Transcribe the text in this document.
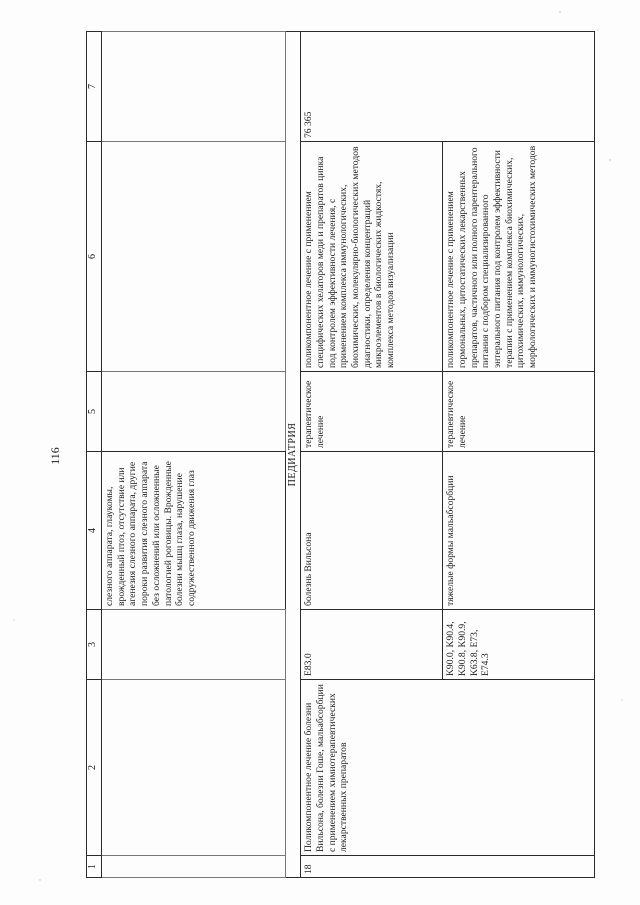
116
1	2	3	4	5	6	7
			слезного аппарата, глаукомы, врожденный птоз, отсутствие или агенезия слезного аппарата, другие пороки развития слезного аппарата без осложнений или осложненные патологией роговицы. Врожденные болезни мышц глаза, нарушение содружественного движения глаз			
ПЕДИАТРИЯ						
18	Поликомпонентное лечение болезни Вильсона, болезни Гоше, мальабсорбции с применением химиотерапевтических лекарственных препаратов	E83.0	болезнь Вильсона	терапевтическое лечение	поликомпонентное лечение с применением специфических хелаторов меди и препаратов цинка под контролем эффективности лечения, с применением комплекса иммунологических, биохимических, молекулярно-биологических методов диагностики, определения концентраций микроэлементов в биологических жидкостях, комплекса методов визуализации	76 365
		K90.0, K90.4, K90.8, K90.9, K63.8, E73, E74.3	тяжелые формы мальабсорбции	терапевтическое лечение	поликомпонентное лечение с применением гормональных, цитостатических лекарственных препаратов, частичного или полного парентерального питания с подбором специализированного энтерального питания под контролем эффективности терапии с применением комплекса биохимических, цитохимических, иммунологических, морфологических и иммуногистохимических методов	
